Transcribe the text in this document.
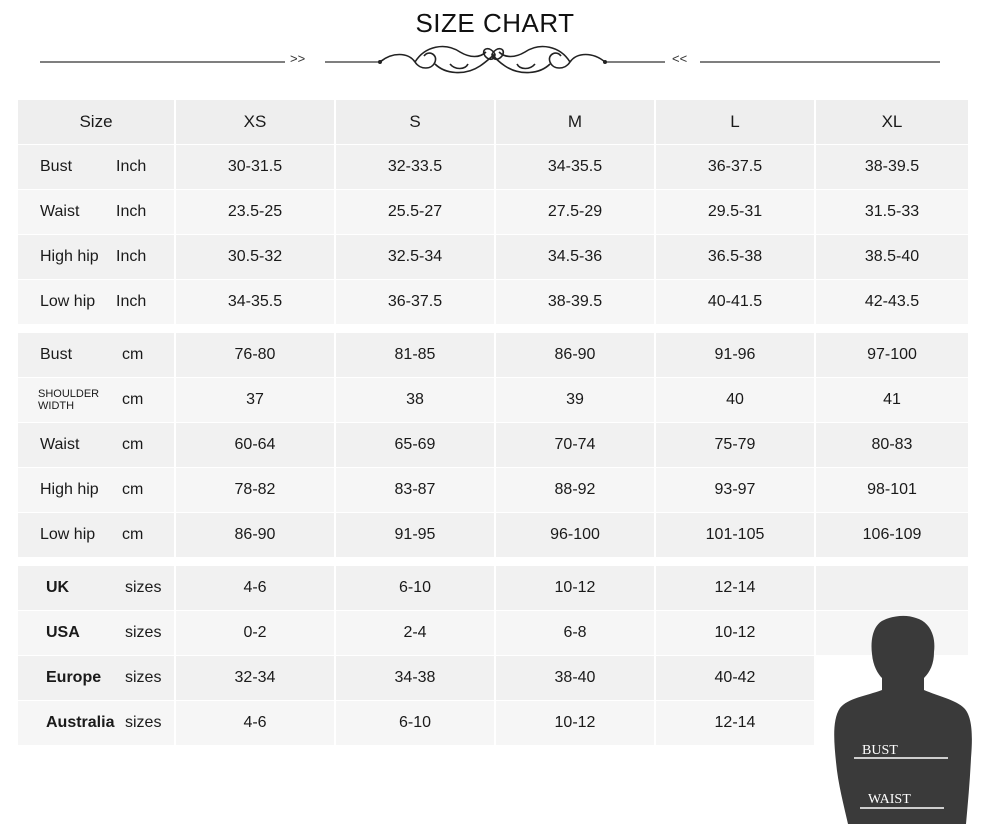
SIZE CHART
>>	<<
Size	XS	S	M	L	XL

Bust Inch	30-31.5	32-33.5	34-35.5	36-37.5	38-39.5

Waist Inch	23.5-25	25.5-27	27.5-29	29.5-31	31.5-33

High hip Inch	30.5-32	32.5-34	34.5-36	36.5-38	38.5-40

Low hip Inch	34-35.5	36-37.5	38-39.5	40-41.5	42-43.5

Bust cm	76-80	81-85	86-90	91-96	97-100

SHOULDER WIDTH cm	37	38	39	40	41

Waist cm	60-64	65-69	70-74	75-79	80-83

High hip cm	78-82	83-87	88-92	93-97	98-101

Low hip cm	86-90	91-95	96-100	101-105	106-109

UK sizes	4-6	6-10	10-12	12-14	

USA sizes	0-2	2-4	6-8	10-12	

Europe sizes	32-34	34-38	38-40	40-42	

Australia sizes	4-6	6-10	10-12	12-14	
BUST
WAIST
